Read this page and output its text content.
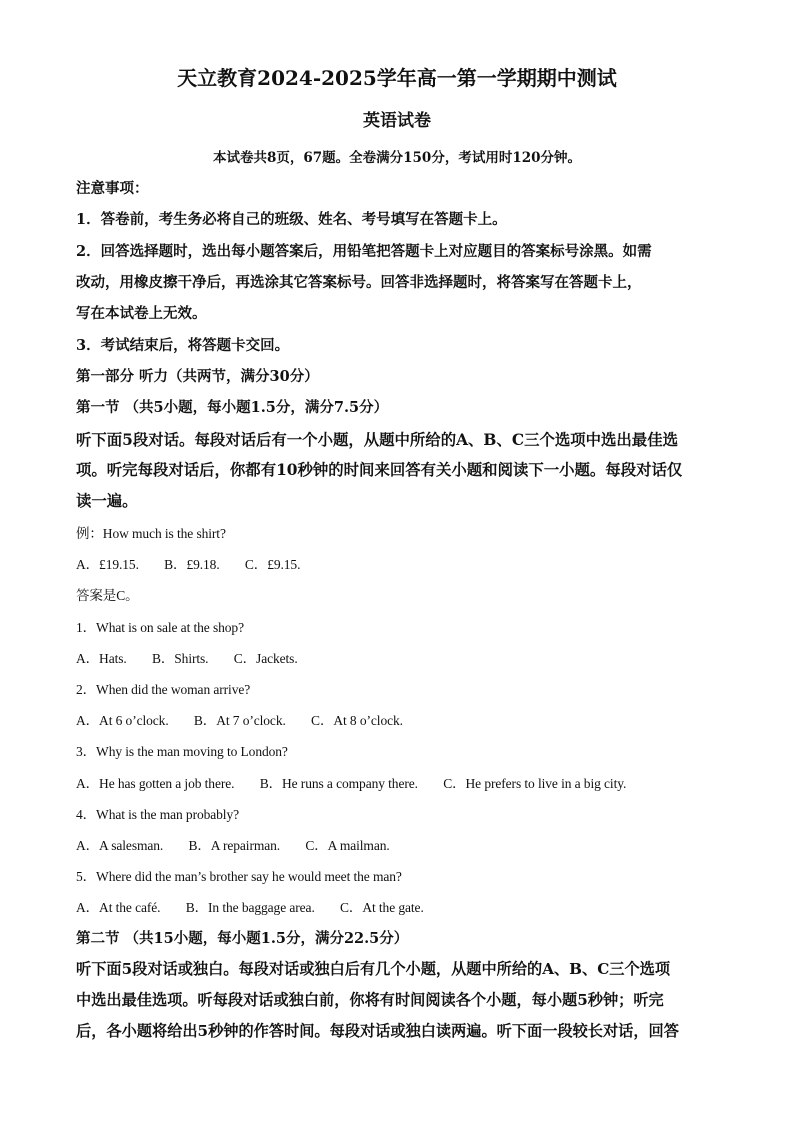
天立教育2024-2025学年高一第一学期期中测试
英语试卷
本试卷共8页，67题。全卷满分150分，考试用时120分钟。
注意事项：
1．答卷前，考生务必将自己的班级、姓名、考号填写在答题卡上。
2．回答选择题时，选出每小题答案后，用铅笔把答题卡上对应题目的答案标号涂黑。如需
改动，用橡皮擦干净后，再选涂其它答案标号。回答非选择题时，将答案写在答题卡上，
写在本试卷上无效。
3．考试结束后，将答题卡交回。
第一部分 听力（共两节，满分30分）
第一节 （共5小题，每小题1.5分，满分7.5分）
听下面5段对话。每段对话后有一个小题，从题中所给的A、B、C三个选项中选出最佳选
项。听完每段对话后，你都有10秒钟的时间来回答有关小题和阅读下一小题。每段对话仅
读一遍。
例：How much is the shirt?
A．£19.15. B．£9.18. C．£9.15.
答案是C。
1．What is on sale at the shop?
A．Hats. B．Shirts. C．Jackets.
2．When did the woman arrive?
A．At 6 o’clock. B．At 7 o’clock. C．At 8 o’clock.
3．Why is the man moving to London?
A．He has gotten a job there. B．He runs a company there. C．He prefers to live in a big city.
4．What is the man probably?
A．A salesman. B．A repairman. C．A mailman.
5．Where did the man’s brother say he would meet the man?
A．At the café. B．In the baggage area. C．At the gate.
第二节 （共15小题，每小题1.5分，满分22.5分）
听下面5段对话或独白。每段对话或独白后有几个小题，从题中所给的A、B、C三个选项
中选出最佳选项。听每段对话或独白前，你将有时间阅读各个小题，每小题5秒钟；听完
后，各小题将给出5秒钟的作答时间。每段对话或独白读两遍。听下面一段较长对话，回答
